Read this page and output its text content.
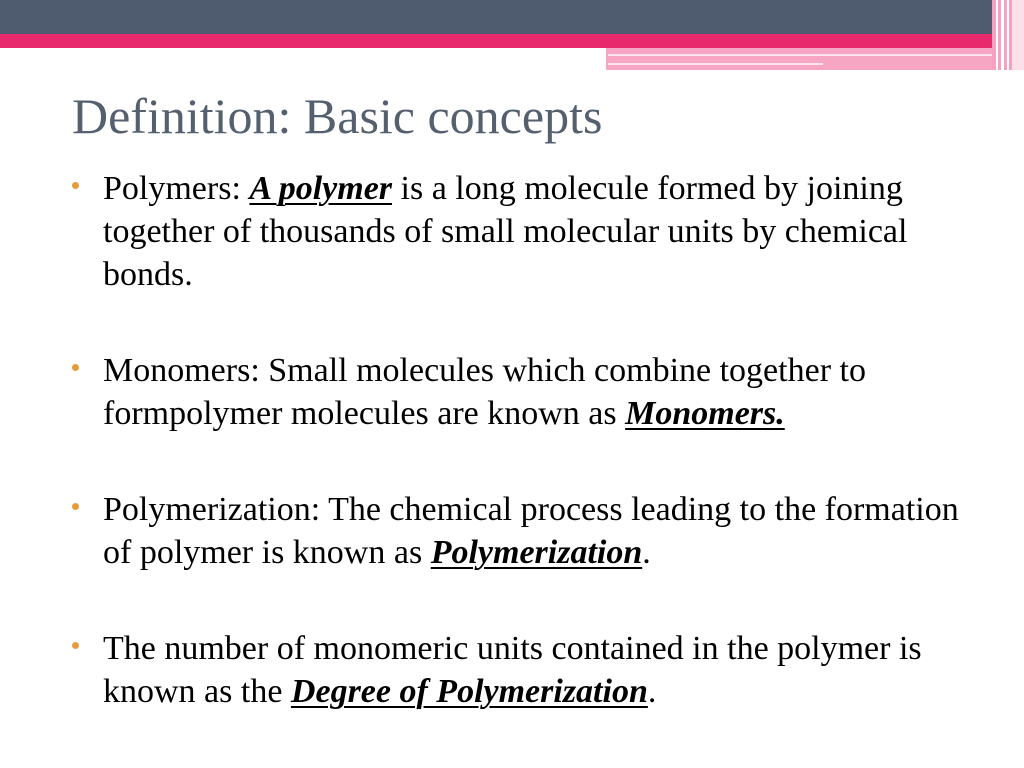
Definition: Basic concepts
Polymers: A polymer is a long molecule formed by joining together of thousands of small molecular units by chemical bonds.
Monomers: Small molecules which combine together to formpolymer molecules are known as Monomers.
Polymerization: The chemical process leading to the formation of polymer is known as Polymerization.
The number of monomeric units contained in the polymer is known as the Degree of Polymerization.
